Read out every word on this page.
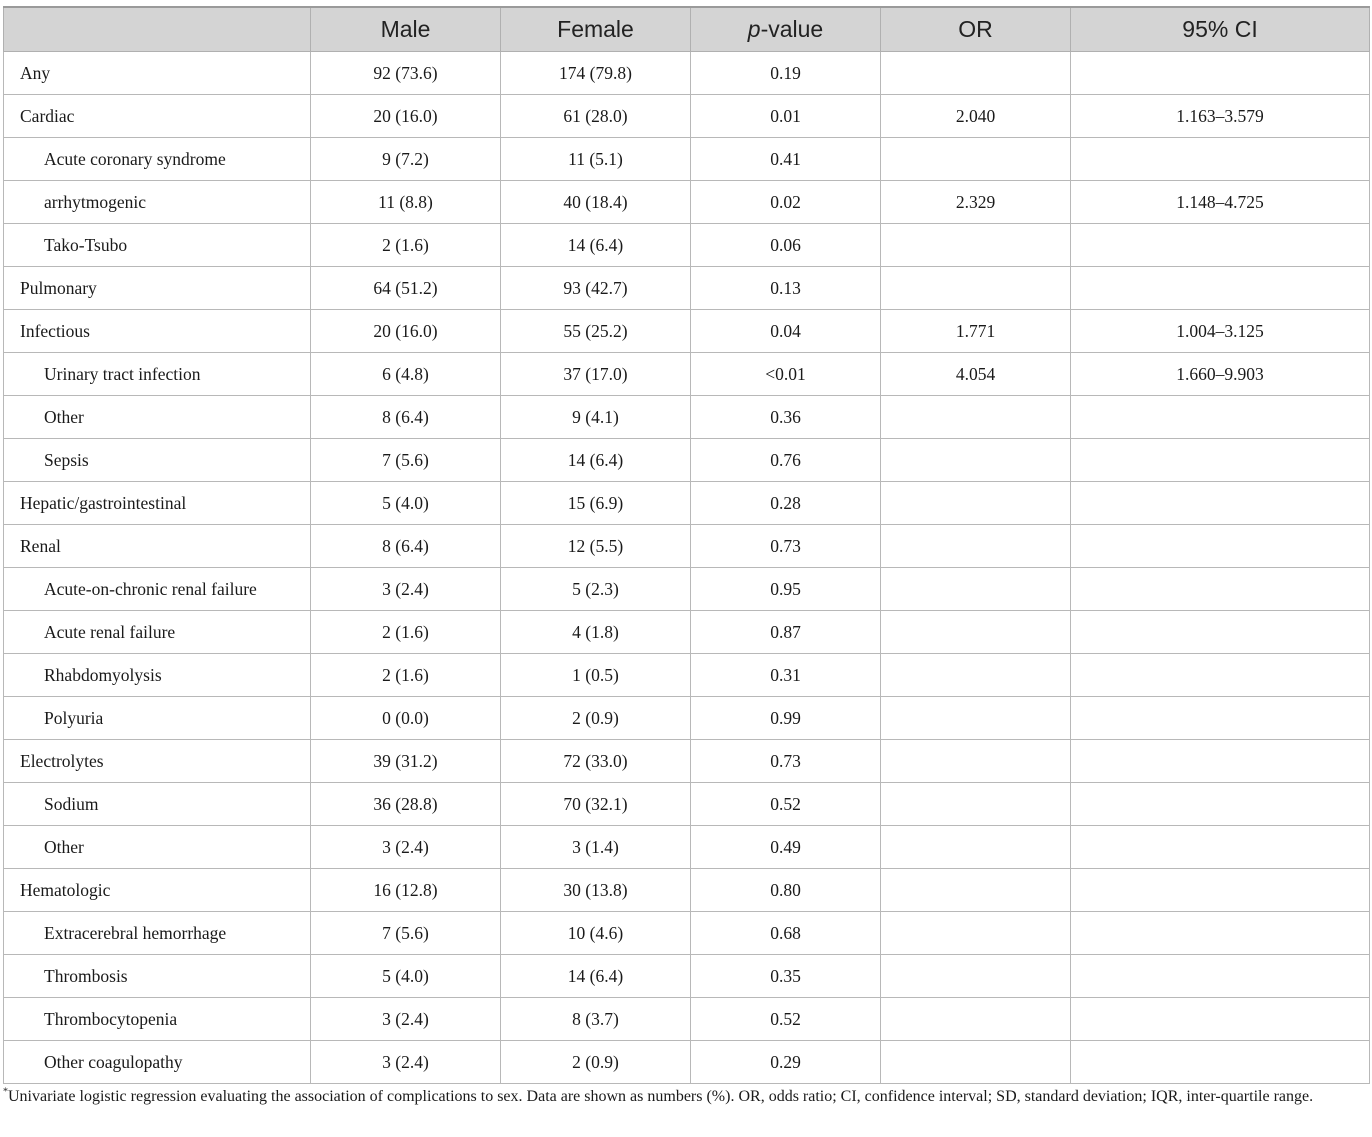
	Male	Female	p-value	OR	95% CI
Any	92 (73.6)	174 (79.8)	0.19		
Cardiac	20 (16.0)	61 (28.0)	0.01	2.040	1.163–3.579
Acute coronary syndrome	9 (7.2)	11 (5.1)	0.41		
arrhytmogenic	11 (8.8)	40 (18.4)	0.02	2.329	1.148–4.725
Tako-Tsubo	2 (1.6)	14 (6.4)	0.06		
Pulmonary	64 (51.2)	93 (42.7)	0.13		
Infectious	20 (16.0)	55 (25.2)	0.04	1.771	1.004–3.125
Urinary tract infection	6 (4.8)	37 (17.0)	<0.01	4.054	1.660–9.903
Other	8 (6.4)	9 (4.1)	0.36		
Sepsis	7 (5.6)	14 (6.4)	0.76		
Hepatic/gastrointestinal	5 (4.0)	15 (6.9)	0.28		
Renal	8 (6.4)	12 (5.5)	0.73		
Acute-on-chronic renal failure	3 (2.4)	5 (2.3)	0.95		
Acute renal failure	2 (1.6)	4 (1.8)	0.87		
Rhabdomyolysis	2 (1.6)	1 (0.5)	0.31		
Polyuria	0 (0.0)	2 (0.9)	0.99		
Electrolytes	39 (31.2)	72 (33.0)	0.73		
Sodium	36 (28.8)	70 (32.1)	0.52		
Other	3 (2.4)	3 (1.4)	0.49		
Hematologic	16 (12.8)	30 (13.8)	0.80		
Extracerebral hemorrhage	7 (5.6)	10 (4.6)	0.68		
Thrombosis	5 (4.0)	14 (6.4)	0.35		
Thrombocytopenia	3 (2.4)	8 (3.7)	0.52		
Other coagulopathy	3 (2.4)	2 (0.9)	0.29		
*Univariate logistic regression evaluating the association of complications to sex. Data are shown as numbers (%). OR, odds ratio; CI, confidence interval; SD, standard deviation; IQR, inter-quartile range.
